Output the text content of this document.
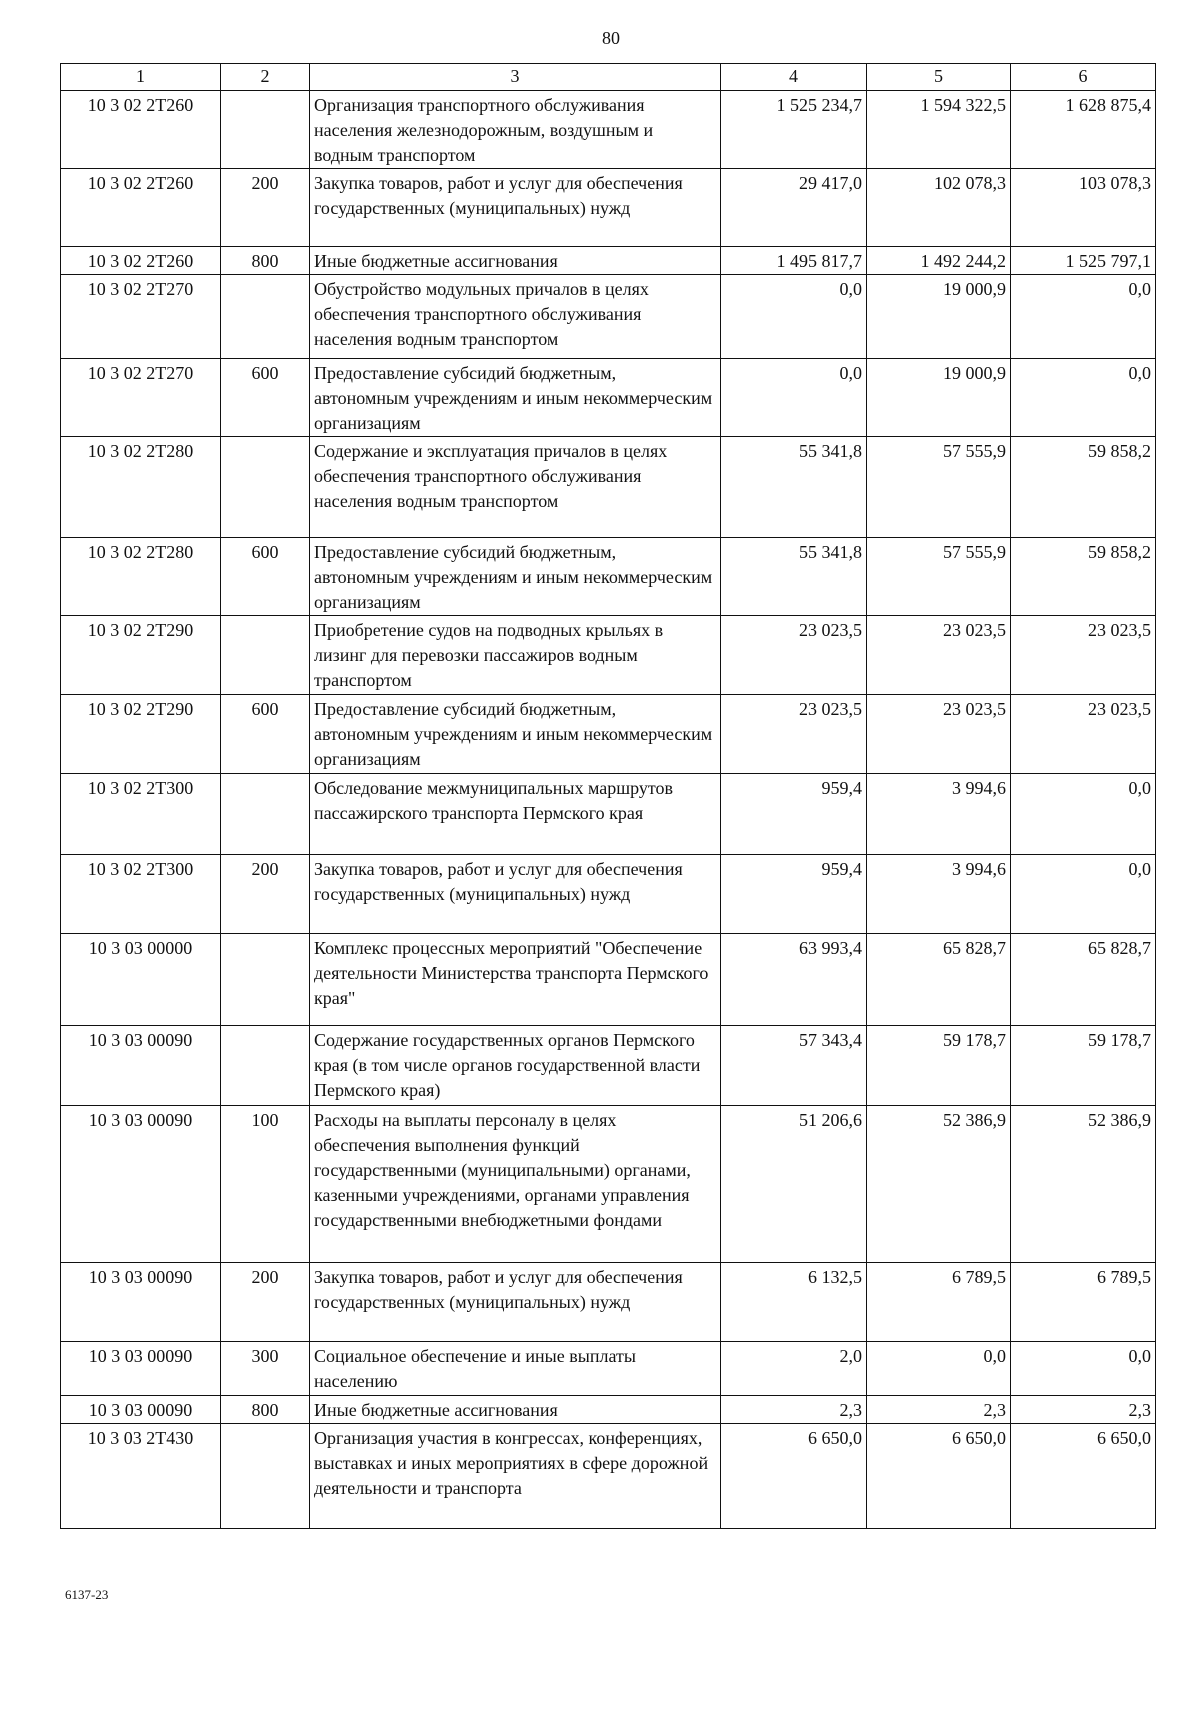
80
1	2	3	4	5	6
10 3 02 2Т260		Организация транспортного обслуживания населения железнодорожным, воздушным и водным транспортом	1 525 234,7	1 594 322,5	1 628 875,4
10 3 02 2Т260	200	Закупка товаров, работ и услуг для обеспечения государственных (муниципальных) нужд	29 417,0	102 078,3	103 078,3
10 3 02 2Т260	800	Иные бюджетные ассигнования	1 495 817,7	1 492 244,2	1 525 797,1
10 3 02 2Т270		Обустройство модульных причалов в целях обеспечения транспортного обслуживания населения водным транспортом	0,0	19 000,9	0,0
10 3 02 2Т270	600	Предоставление субсидий бюджетным, автономным учреждениям и иным некоммерческим организациям	0,0	19 000,9	0,0
10 3 02 2Т280		Содержание и эксплуатация причалов в целях обеспечения транспортного обслуживания населения водным транспортом	55 341,8	57 555,9	59 858,2
10 3 02 2Т280	600	Предоставление субсидий бюджетным, автономным учреждениям и иным некоммерческим организациям	55 341,8	57 555,9	59 858,2
10 3 02 2Т290		Приобретение судов на подводных крыльях в лизинг для перевозки пассажиров водным транспортом	23 023,5	23 023,5	23 023,5
10 3 02 2Т290	600	Предоставление субсидий бюджетным, автономным учреждениям и иным некоммерческим организациям	23 023,5	23 023,5	23 023,5
10 3 02 2Т300		Обследование межмуниципальных маршрутов пассажирского транспорта Пермского края	959,4	3 994,6	0,0
10 3 02 2Т300	200	Закупка товаров, работ и услуг для обеспечения государственных (муниципальных) нужд	959,4	3 994,6	0,0
10 3 03 00000		Комплекс процессных мероприятий "Обеспечение деятельности Министерства транспорта Пермского края"	63 993,4	65 828,7	65 828,7
10 3 03 00090		Содержание государственных органов Пермского края (в том числе органов государственной власти Пермского края)	57 343,4	59 178,7	59 178,7
10 3 03 00090	100	Расходы на выплаты персоналу в целях обеспечения выполнения функций государственными (муниципальными) органами, казенными учреждениями, органами управления государственными внебюджетными фондами	51 206,6	52 386,9	52 386,9
10 3 03 00090	200	Закупка товаров, работ и услуг для обеспечения государственных (муниципальных) нужд	6 132,5	6 789,5	6 789,5
10 3 03 00090	300	Социальное обеспечение и иные выплаты населению	2,0	0,0	0,0
10 3 03 00090	800	Иные бюджетные ассигнования	2,3	2,3	2,3
10 3 03 2Т430		Организация участия в конгрессах, конференциях, выставках и иных мероприятиях в сфере дорожной деятельности и транспорта	6 650,0	6 650,0	6 650,0
6137-23
